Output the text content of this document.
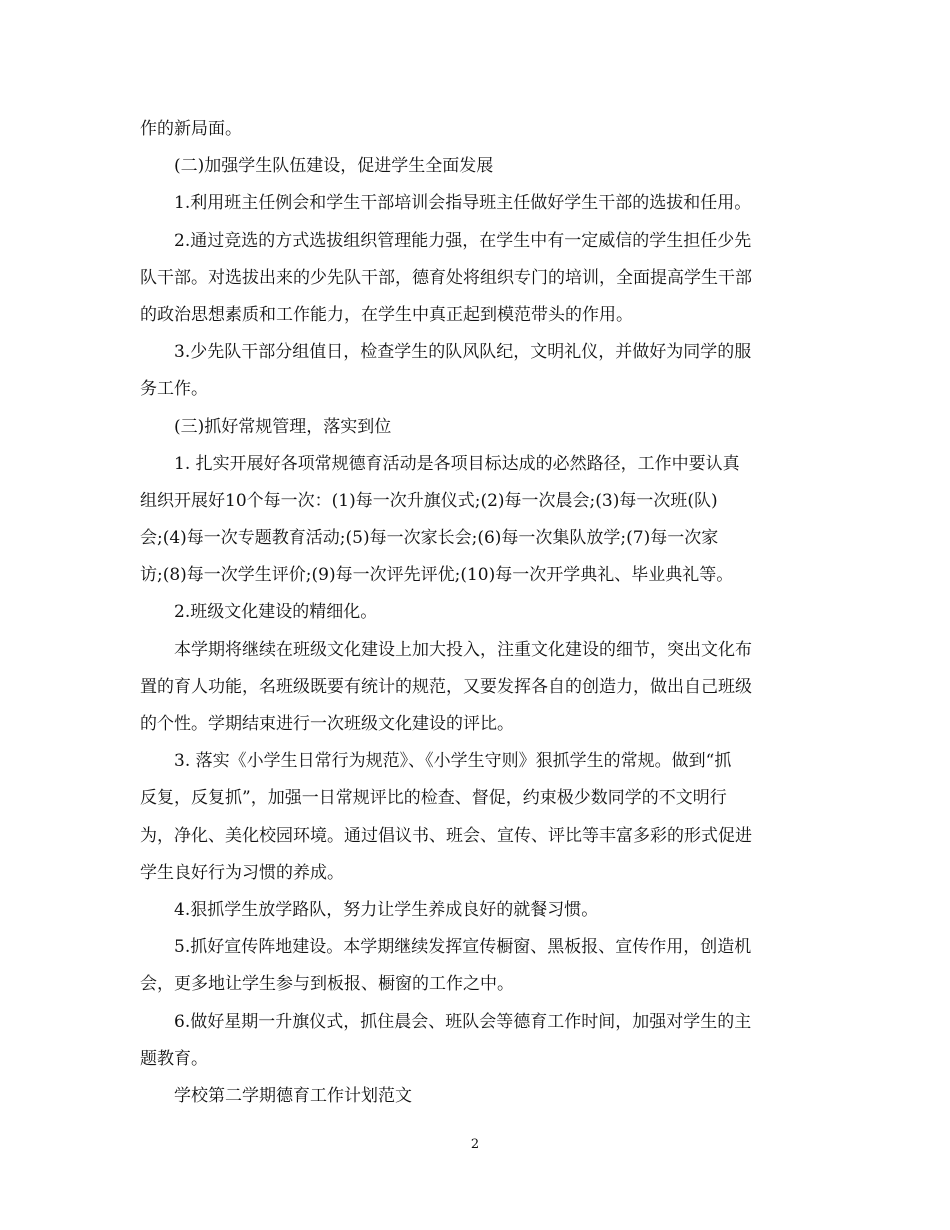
作的新局面。
(二)加强学生队伍建设，促进学生全面发展
1.利用班主任例会和学生干部培训会指导班主任做好学生干部的选拔和任用。
2.通过竞选的方式选拔组织管理能力强，在学生中有一定威信的学生担任少先
队干部。对选拔出来的少先队干部，德育处将组织专门的培训，全面提高学生干部
的政治思想素质和工作能力，在学生中真正起到模范带头的作用。
3.少先队干部分组值日，检查学生的队风队纪，文明礼仪，并做好为同学的服
务工作。
(三)抓好常规管理，落实到位
1. 扎实开展好各项常规德育活动是各项目标达成的必然路径，工作中要认真
组织开展好10个每一次：(1)每一次升旗仪式;(2)每一次晨会;(3)每一次班(队)
会;(4)每一次专题教育活动;(5)每一次家长会;(6)每一次集队放学;(7)每一次家
访;(8)每一次学生评价;(9)每一次评先评优;(10)每一次开学典礼、毕业典礼等。
2.班级文化建设的精细化。
本学期将继续在班级文化建设上加大投入，注重文化建设的细节，突出文化布
置的育人功能，名班级既要有统计的规范，又要发挥各自的创造力，做出自己班级
的个性。学期结束进行一次班级文化建设的评比。
3. 落实《小学生日常行为规范》、《小学生守则》狠抓学生的常规。做到“抓
反复，反复抓”，加强一日常规评比的检查、督促，约束极少数同学的不文明行
为，净化、美化校园环境。通过倡议书、班会、宣传、评比等丰富多彩的形式促进
学生良好行为习惯的养成。
4.狠抓学生放学路队，努力让学生养成良好的就餐习惯。
5.抓好宣传阵地建设。本学期继续发挥宣传橱窗、黑板报、宣传作用，创造机
会，更多地让学生参与到板报、橱窗的工作之中。
6.做好星期一升旗仪式，抓住晨会、班队会等德育工作时间，加强对学生的主
题教育。
学校第二学期德育工作计划范文
2
